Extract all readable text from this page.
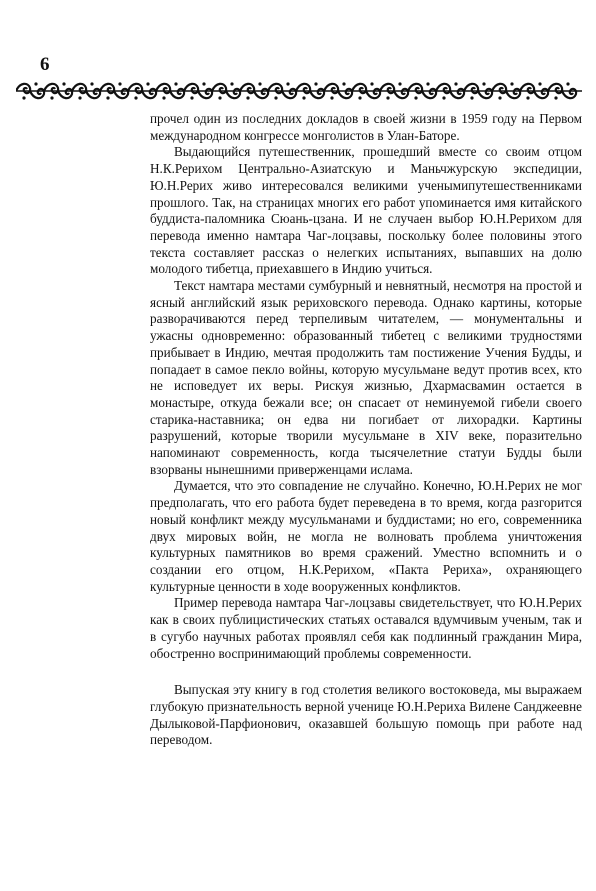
6

прочел один из последних докладов в своей жизни в 1959 году на Первом международном конгрессе монголистов в Улан-Баторе.

Выдающийся путешественник, прошедший вместе со своим отцом Н.К.Рерихом Центрально-Азиатскую и Маньчжурскую экспедиции, Ю.Н.Рерих живо интересовался великими ученымипутешественниками прошлого. Так, на страницах многих его работ упоминается имя китайского буддиста-паломника Сюань-цзана. И не случаен выбор Ю.Н.Рерихом для перевода именно намтара Чаг-лоцзавы, поскольку более половины этого текста составляет рассказ о нелегких испытаниях, выпавших на долю молодого тибетца, приехавшего в Индию учиться.

Текст намтара местами сумбурный и невнятный, несмотря на простой и ясный английский язык рериховского перевода. Однако картины, которые разворачиваются перед терпеливым читателем, — монументальны и ужасны одновременно: образованный тибетец с великими трудностями прибывает в Индию, мечтая продолжить там постижение Учения Будды, и попадает в самое пекло войны, которую мусульмане ведут против всех, кто не исповедует их веры. Рискуя жизнью, Дхармасвамин остается в монастыре, откуда бежали все; он спасает от неминуемой гибели своего старика-наставника; он едва ни погибает от лихорадки. Картины разрушений, которые творили мусульмане в XIV веке, поразительно напоминают современность, когда тысячелетние статуи Будды были взорваны нынешними приверженцами ислама.

Думается, что это совпадение не случайно. Конечно, Ю.Н.Рерих не мог предполагать, что его работа будет переведена в то время, когда разгорится новый конфликт между мусульманами и буддистами; но его, современника двух мировых войн, не могла не волновать проблема уничтожения культурных памятников во время сражений. Уместно вспомнить и о создании его отцом, Н.К.Рерихом, «Пакта Рериха», охраняющего культурные ценности в ходе вооруженных конфликтов.

Пример перевода намтара Чаг-лоцзавы свидетельствует, что Ю.Н.Рерих как в своих публицистических статьях оставался вдумчивым ученым, так и в сугубо научных работах проявлял себя как подлинный гражданин Мира, обостренно воспринимающий проблемы современности.

Выпуская эту книгу в год столетия великого востоковеда, мы выражаем глубокую признательность верной ученице Ю.Н.Рериха Вилене Санджеевне Дылыковой-Парфионович, оказавшей большую помощь при работе над переводом.
